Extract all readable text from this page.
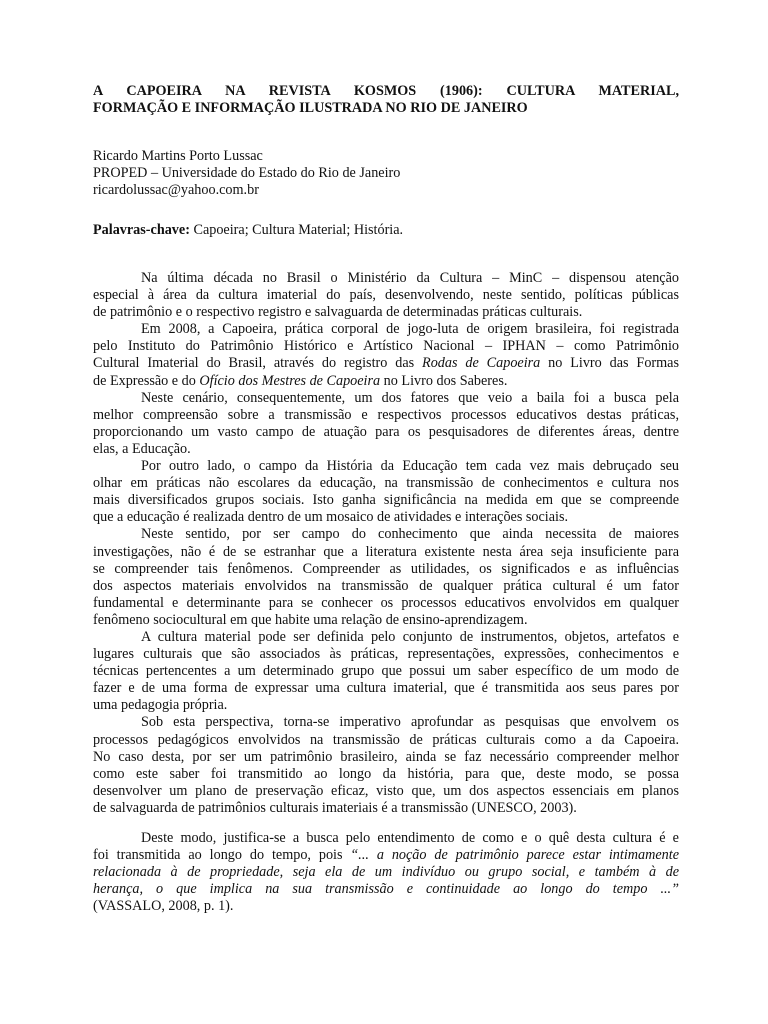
A CAPOEIRA NA REVISTA KOSMOS (1906): CULTURA MATERIAL,
FORMAÇÃO E INFORMAÇÃO ILUSTRADA NO RIO DE JANEIRO
Ricardo Martins Porto Lussac
PROPED – Universidade do Estado do Rio de Janeiro
ricardolussac@yahoo.com.br
Palavras-chave: Capoeira; Cultura Material; História.

Na última década no Brasil o Ministério da Cultura – MinC – dispensou atenção
especial à área da cultura imaterial do país, desenvolvendo, neste sentido, políticas públicas
de patrimônio e o respectivo registro e salvaguarda de determinadas práticas culturais.

Em 2008, a Capoeira, prática corporal de jogo-luta de origem brasileira, foi registrada
pelo Instituto do Patrimônio Histórico e Artístico Nacional – IPHAN – como Patrimônio
Cultural Imaterial do Brasil, através do registro das Rodas de Capoeira no Livro das Formas
de Expressão e do Ofício dos Mestres de Capoeira no Livro dos Saberes.

Neste cenário, consequentemente, um dos fatores que veio a baila foi a busca pela
melhor compreensão sobre a transmissão e respectivos processos educativos destas práticas,
proporcionando um vasto campo de atuação para os pesquisadores de diferentes áreas, dentre
elas, a Educação.

Por outro lado, o campo da História da Educação tem cada vez mais debruçado seu
olhar em práticas não escolares da educação, na transmissão de conhecimentos e cultura nos
mais diversificados grupos sociais. Isto ganha significância na medida em que se compreende
que a educação é realizada dentro de um mosaico de atividades e interações sociais.

Neste sentido, por ser campo do conhecimento que ainda necessita de maiores
investigações, não é de se estranhar que a literatura existente nesta área seja insuficiente para
se compreender tais fenômenos. Compreender as utilidades, os significados e as influências
dos aspectos materiais envolvidos na transmissão de qualquer prática cultural é um fator
fundamental e determinante para se conhecer os processos educativos envolvidos em qualquer
fenômeno sociocultural em que habite uma relação de ensino-aprendizagem.

A cultura material pode ser definida pelo conjunto de instrumentos, objetos, artefatos e
lugares culturais que são associados às práticas, representações, expressões, conhecimentos e
técnicas pertencentes a um determinado grupo que possui um saber específico de um modo de
fazer e de uma forma de expressar uma cultura imaterial, que é transmitida aos seus pares por
uma pedagogia própria.

Sob esta perspectiva, torna-se imperativo aprofundar as pesquisas que envolvem os
processos pedagógicos envolvidos na transmissão de práticas culturais como a da Capoeira.
No caso desta, por ser um patrimônio brasileiro, ainda se faz necessário compreender melhor
como este saber foi transmitido ao longo da história, para que, deste modo, se possa
desenvolver um plano de preservação eficaz, visto que, um dos aspectos essenciais em planos
de salvaguarda de patrimônios culturais imateriais é a transmissão (UNESCO, 2003).

Deste modo, justifica-se a busca pelo entendimento de como e o quê desta cultura é e
foi transmitida ao longo do tempo, pois “... a noção de patrimônio parece estar intimamente
relacionada à de propriedade, seja ela de um indivíduo ou grupo social, e também à de
herança, o que implica na sua transmissão e continuidade ao longo do tempo ...”
(VASSALO, 2008, p. 1).
